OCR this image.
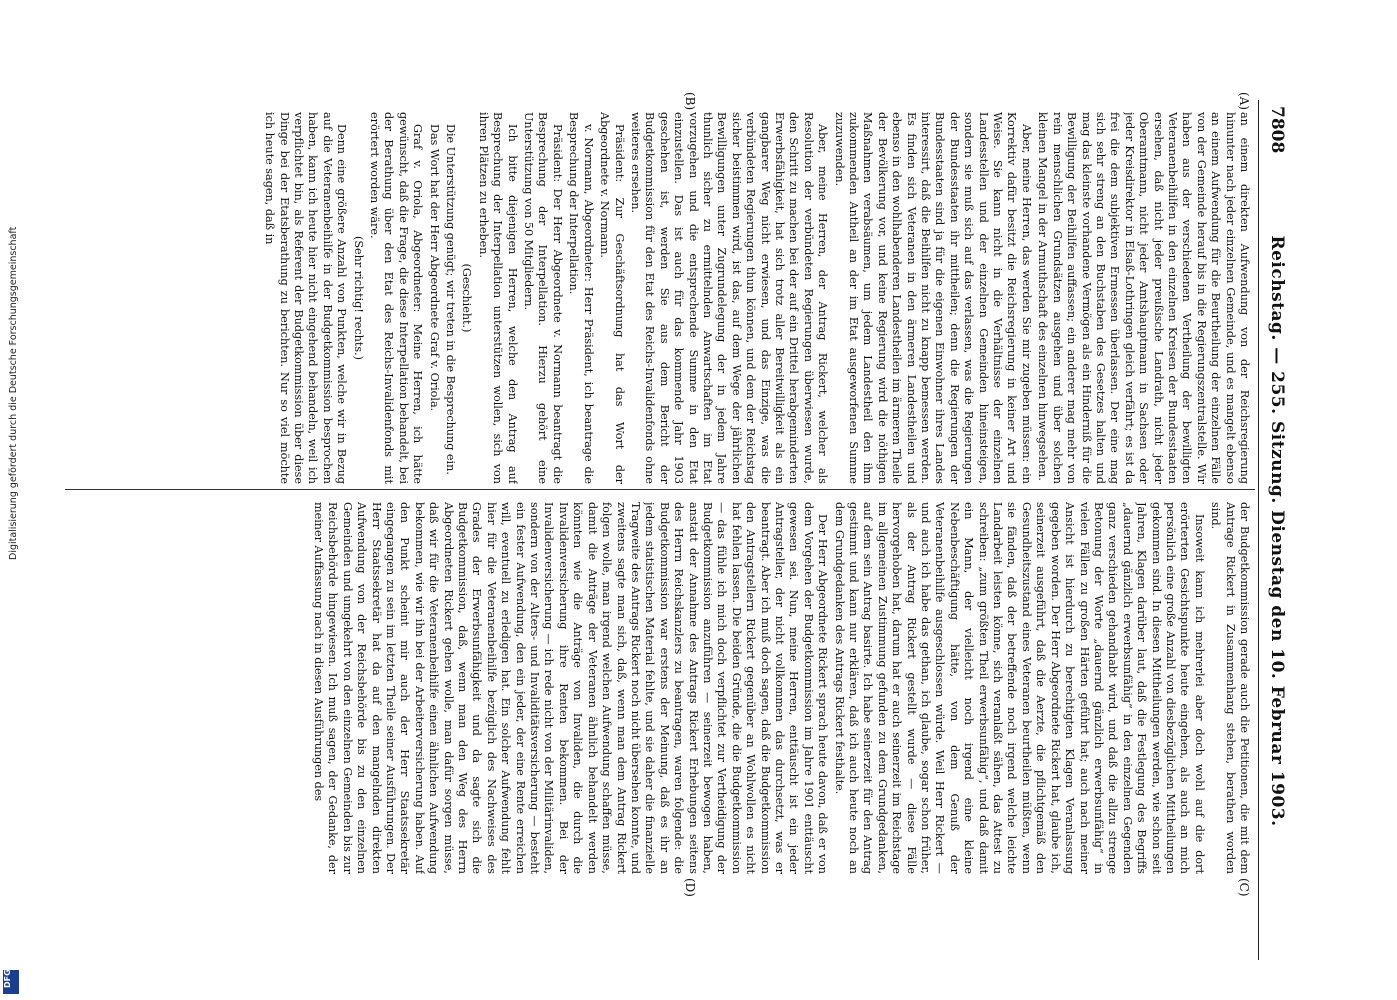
7808
Reichstag. — 255. Sitzung. Dienstag den 10. Februar 1903.
(A)
(B)
(C)
(D)

an einem direkten Aufwendung von der Reichsregierung hinunter nach jeder einzelnen Gemeinde, und es mangelt ebenso an einem Aufwendung für die Beurtheilung der einzelnen Fälle von der Gemeinde herauf bis in die Regierungszentralstelle. Wir haben aus der verschiedenen Vertheilung der bewilligten Veteranenbeihilfen in den einzelnen Kreisen der Bundesstaaten ersehen, daß nicht jeder preußische Landrath, nicht jeder Oberamtmann, nicht jeder Amtshauptmann in Sachsen oder jeder Kreisdirektor in Elsaß-Lothringen gleich verfährt; es ist da frei die dem subjektiven Ermessen überlassen. Der eine mag sich sehr streng an den Buchstaben des Gesetzes halten und mag das kleinste vorhandene Vermögen als ein Hinderniß für die Bewilligung der Beihilfen auffassen; ein anderer mag mehr von rein menschlichen Grundsätzen ausgehen und über solchen kleinen Mangel in der Armuthschaft des einzelnen hinwegsehen.

Aber, meine Herren, das werden Sie mir zugeben müssen: ein Korrektiv dafür besitzt die Reichsregierung in keiner Art und Weise. Sie kann nicht in die Verhältnisse der einzelnen Landesstellen und der einzelnen Gemeinden hineinsteigen, sondern sie muß sich auf das verlassen, was die Regierungen der Bundesstaaten ihr mittheilen; denn die Regierungen der Bundesstaaten sind ja für die eigenen Einwohner ihres Landes interessirt, daß die Beihilfen nicht zu knapp bemessen werden. Es finden sich Veteranen in den ärmeren Landestheilen und ebenso in den wohlhabenderen Landestheilen im ärmeren Theile der Bevölkerung vor, und keine Regierung wird die nöthigen Maßnahmen verabsäumen, um jedem Landestheil den ihm zukommenden Antheil an der im Etat ausgeworfenen Summe zuzuwenden.

Aber, meine Herren, der Antrag Rickert, welcher als Resolution der verbündeten Regierungen überwiesen wurde, den Schritt zu machen bei der auf ein Drittel herabgeminderten Erwerbsfähigkeit, hat sich trotz aller Bereitwilligkeit als ein gangbarer Weg nicht erwiesen, und das Einzige, was die verbündeten Regierungen thun können, und dem der Reichstag sicher beistimmen wird, ist das, auf dem Wege der jährlichen Bewilligungen unter Zugrundelegung der in jedem Jahre thunlich sicher zu ermittelnden Anwartschaften im Etat vorzugehen und die entsprechende Summe in den Etat einzustellen. Das ist auch für das kommende Jahr 1903 geschehen ist, werden Sie aus dem Bericht der Budgetkommission für den Etat des Reichs-Invalidenfonds ohne weiteres ersehen.

Präsident: Zur Geschäftsordnung hat das Wort der Abgeordnete v. Normann.

v. Normann, Abgeordneter: Herr Präsident, ich beantrage die Besprechung der Interpellation.

Präsident: Der Herr Abgeordnete v. Normann beantragt die Besprechung der Interpellation. Hierzu gehört eine Unterstützung von 50 Mitgliedern.

Ich bitte diejenigen Herren, welche den Antrag auf Besprechung der Interpellation unterstützen wollen, sich von ihren Plätzen zu erheben.

(Geschieht.)

Die Unterstützung genügt; wir treten in die Besprechung ein.

Das Wort hat der Herr Abgeordnete Graf v. Oriola.

Graf v. Oriola, Abgeordneter: Meine Herren, ich hätte gewünscht, daß die Frage, die diese Interpellation behandelt, bei der Berathung über den Etat des Reichs-Invalidenfonds mit erörtert worden wäre.

(Sehr richtig! rechts.)

Denn eine größere Anzahl von Punkten, welche wir in Bezug auf die Veteranenbeihilfe in der Budgetkommission besprochen haben, kann ich heute hier nicht eingehend behandeln, weil ich verpflichtet bin, als Referent der Budgetkommission über diese Dinge bei der Etatsberathung zu berichten. Nur so viel möchte ich heute sagen, daß in

der Budgetkommission gerade auch die Petitionen, die mit dem Antrage Rickert in Zusammenhang stehen, berathen worden sind.

Insoweit kann ich mehrerlei aber doch wohl auf die dort erörterten Gesichtspunkte heute eingehen, als auch an mich persönlich eine große Anzahl von diesbezüglichen Mittheilungen gekommen sind. In diesen Mittheilungen werden, wie schon seit Jahren, Klagen darüber laut, daß die Festlegung des Begriffs „dauernd gänzlich erwerbsunfähig“ in den einzelnen Gegenden ganz verschieden gehandhabt wird, und daß die allzu strenge Betonung der Worte „dauernd gänzlich erwerbsunfähig“ in vielen Fällen zu großen Härten geführt hat; auch nach meiner Ansicht ist hierdurch zu berechtigten Klagen Veranlassung gegeben worden. Der Herr Abgeordnete Rickert hat, glaube ich, seinerzeit ausgeführt, daß die Aerzte, die pflichtgemäß den Gesundheitszustand eines Veteranen beurtheilen müßten, wenn sie fänden, daß der betreffende noch irgend welche leichte Landarbeit leisten könne, sich veranlaßt sähen, das Attest zu schreiben: „zum größten Theil erwerbsunfähig“, und daß damit ein Mann, der vielleicht noch irgend eine kleine Nebenbeschäftigung hätte, von dem Genuß der Veteranenbeihilfe ausgeschlossen würde. Weil Herr Rickert — und auch ich habe das gethan, ich glaube, sogar schon früher, als der Antrag Rickert gestellt wurde — diese Fälle hervorgehoben hat, darum hat er auch seinerzeit im Reichstage im allgemeinen Zustimmung gefunden zu dem Grundgedanken, auf dem sein Antrag basirte. Ich habe seinerzeit für den Antrag gestimmt und kann nur erklären, daß ich auch heute noch an dem Grundgedanken des Antrags Rickert festhalte.

Der Herr Abgeordnete Rickert sprach heute davon, daß er von dem Vorgehen der Budgetkommission im Jahre 1901 enttäuscht gewesen sei. Nun, meine Herren, enttäuscht ist ein jeder Antragsteller, der nicht vollkommen das durchsetzt, was er beantragt. Aber ich muß doch sagen, daß die Budgetkommission den Antragstellern Rickert gegenüber an Wohlwollen es nicht hat fehlen lassen. Die beiden Gründe, die die Budgetkommission — das fühle ich mich doch verpflichtet zur Vertheidigung der Budgetkommission anzuführen — seinerzeit bewogen haben, anstatt der Annahme des Antrags Rickert Erhebungen seitens des Herrn Reichskanzlers zu beantragen, waren folgende: die Budgetkommission war erstens der Meinung, daß es ihr an jedem statistischen Material fehlte, und sie daher die finanzielle Tragweite des Antrags Rickert noch nicht übersehen konnte, und zweitens sagte man sich, daß, wenn man dem Antrag Rickert folgen wolle, man irgend welchen Aufwendung schaffen müsse, damit die Anträge der Veteranen ähnlich behandelt werden könnten wie die Anträge von Invaliden, die durch die Invalidenversicherung ihre Renten bekommen. Bei der Invalidenversicherung — ich rede nicht von der Militärinvaliden, sondern von der Alters- und Invaliditätsversicherung — besteht ein fester Aufwendung, den ein jeder, der eine Rente erreichen will, eventuell zu erledigen hat. Ein solcher Aufwendung fehlt hier für die Veteranenbeihilfe bezüglich des Nachweises des Grades der Erwerbsunfähigkeit und da sagte sich die Budgetkommission, daß, wenn man den Weg des Herrn Abgeordneten Rickert gehen wolle, man dafür sorgen müsse, daß wir für die Veteranenbeihilfe einen ähnlichen Aufwendung bekommen, wie wir ihn bei der Arbeiterversicherung haben. Auf den Punkt scheint mir auch der Herr Staatssekretär eingegangen zu sein im letzten Theile seiner Ausführungen. Der Herr Staatssekretär hat da auf den mangelnden direkten Aufwendung von der Reichsbehörde bis zu den einzelnen Gemeinden und umgekehrt von den einzelnen Gemeinden bis zur Reichsbehörde hingewiesen. Ich muß sagen, der Gedanke, der meiner Auffassung nach in diesen Ausführungen des

Digitalisierung gefördert durch die Deutsche Forschungsgemeinschaft
DFG
